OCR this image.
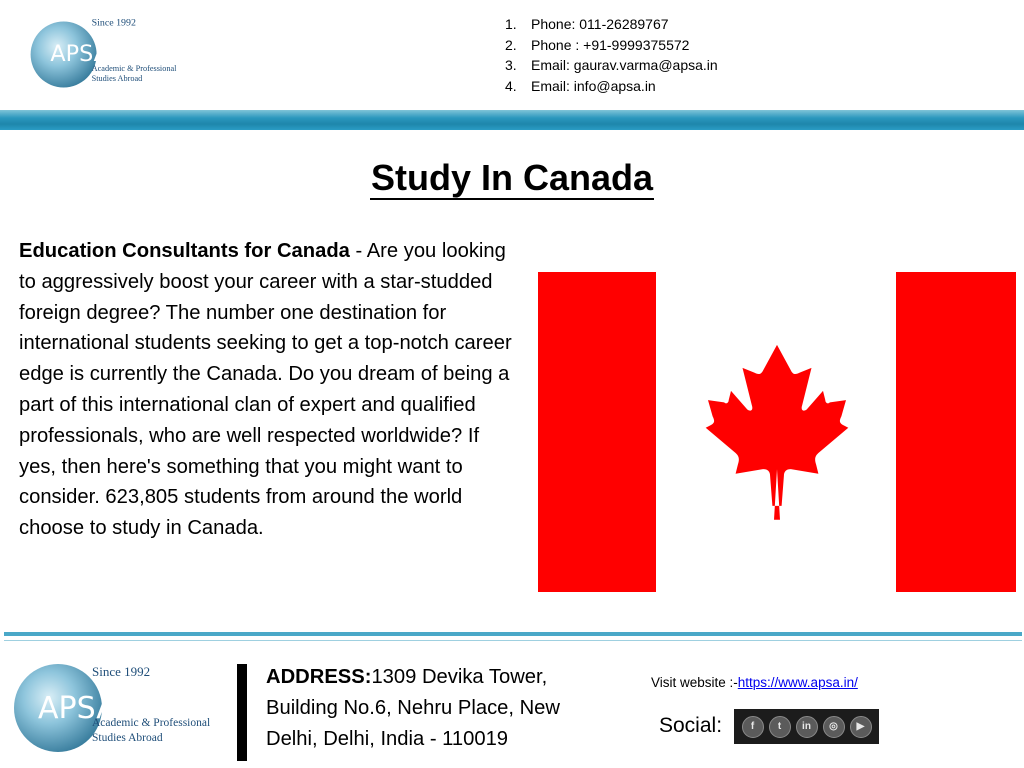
APSA
Since 1992
Academic & Professional
Studies Abroad
1.	Phone: 011-26289767
2.	Phone : +91-9999375572
3.	Email: gaurav.varma@apsa.in
4.	Email: info@apsa.in
Study In Canada

Education Consultants for Canada - Are you looking to aggressively boost your career with a star-studded foreign degree? The number one destination for international students seeking to get a top-notch career edge is currently the Canada. Do you dream of being a part of this international clan of expert and qualified professionals, who are well respected worldwide? If yes, then here's something that you might want to consider. 623,805 students from around the world choose to study in Canada.

APSA
Since 1992
Academic & Professional
Studies Abroad

ADDRESS:1309 Devika Tower, Building No.6, Nehru Place, New Delhi, Delhi, India - 110019

Visit website :-https://www.apsa.in/
Social:	f	t	in	◎	▶
